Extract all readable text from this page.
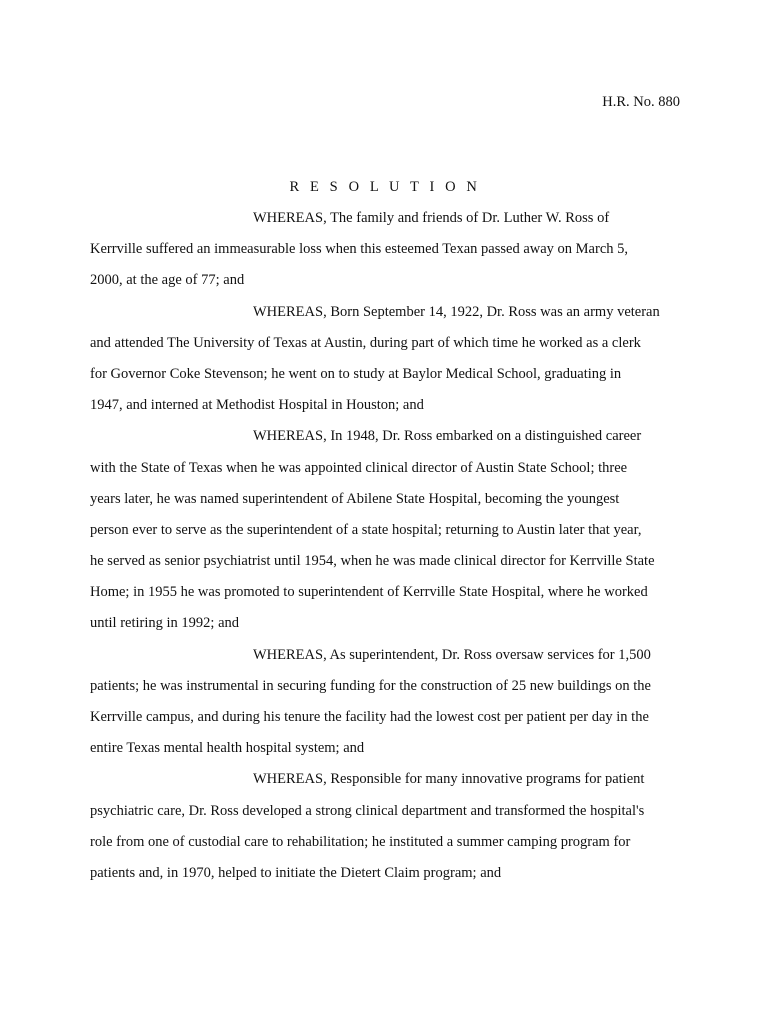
H.R. No. 880
R E S O L U T I O N
WHEREAS, The family and friends of Dr. Luther W. Ross of
Kerrville suffered an immeasurable loss when this esteemed Texan passed away on March 5,
2000, at the age of 77; and
WHEREAS, Born September 14, 1922, Dr. Ross was an army veteran
and attended The University of Texas at Austin, during part of which time he worked as a clerk
for Governor Coke Stevenson; he went on to study at Baylor Medical School, graduating in
1947, and interned at Methodist Hospital in Houston; and
WHEREAS, In 1948, Dr. Ross embarked on a distinguished career
with the State of Texas when he was appointed clinical director of Austin State School; three
years later, he was named superintendent of Abilene State Hospital, becoming the youngest
person ever to serve as the superintendent of a state hospital; returning to Austin later that year,
he served as senior psychiatrist until 1954, when he was made clinical director for Kerrville State
Home; in 1955 he was promoted to superintendent of Kerrville State Hospital, where he worked
until retiring in 1992; and
WHEREAS, As superintendent, Dr. Ross oversaw services for 1,500
patients; he was instrumental in securing funding for the construction of 25 new buildings on the
Kerrville campus, and during his tenure the facility had the lowest cost per patient per day in the
entire Texas mental health hospital system; and
WHEREAS, Responsible for many innovative programs for patient
psychiatric care, Dr. Ross developed a strong clinical department and transformed the hospital's
role from one of custodial care to rehabilitation; he instituted a summer camping program for
patients and, in 1970, helped to initiate the Dietert Claim program; and
